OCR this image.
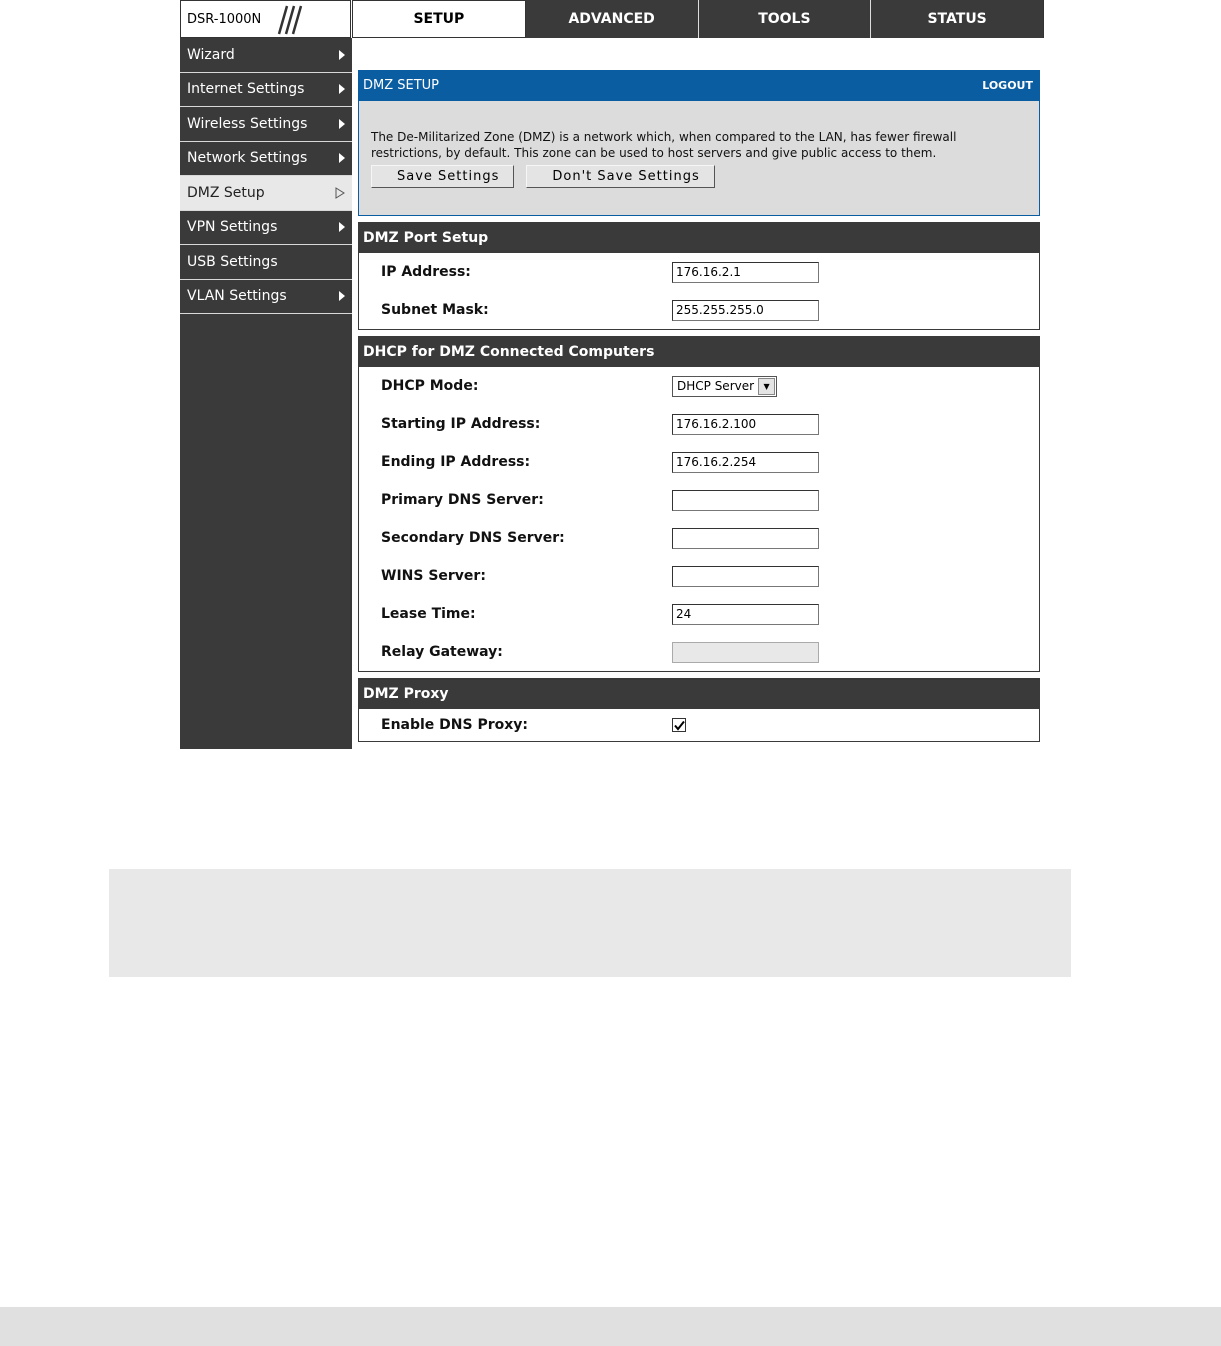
DSR-1000N	SETUP	ADVANCED	TOOLS	STATUS
Wizard
Internet Settings
Wireless Settings
Network Settings
DMZ Setup
VPN Settings
USB Settings
VLAN Settings
DMZ SETUP	LOGOUT

The De-Militarized Zone (DMZ) is a network which, when compared to the LAN, has fewer firewall restrictions, by default. This zone can be used to host servers and give public access to them.

Save Settings	Don't Save Settings
DMZ Port Setup
IP Address:
176.16.2.1
Subnet Mask:
255.255.255.0
DHCP for DMZ Connected Computers
DHCP Mode:	DHCP Server	▼
Starting IP Address:
176.16.2.100
Ending IP Address:
176.16.2.254
Primary DNS Server:
Secondary DNS Server:
WINS Server:
Lease Time:
24
Relay Gateway:
DMZ Proxy
Enable DNS Proxy:
